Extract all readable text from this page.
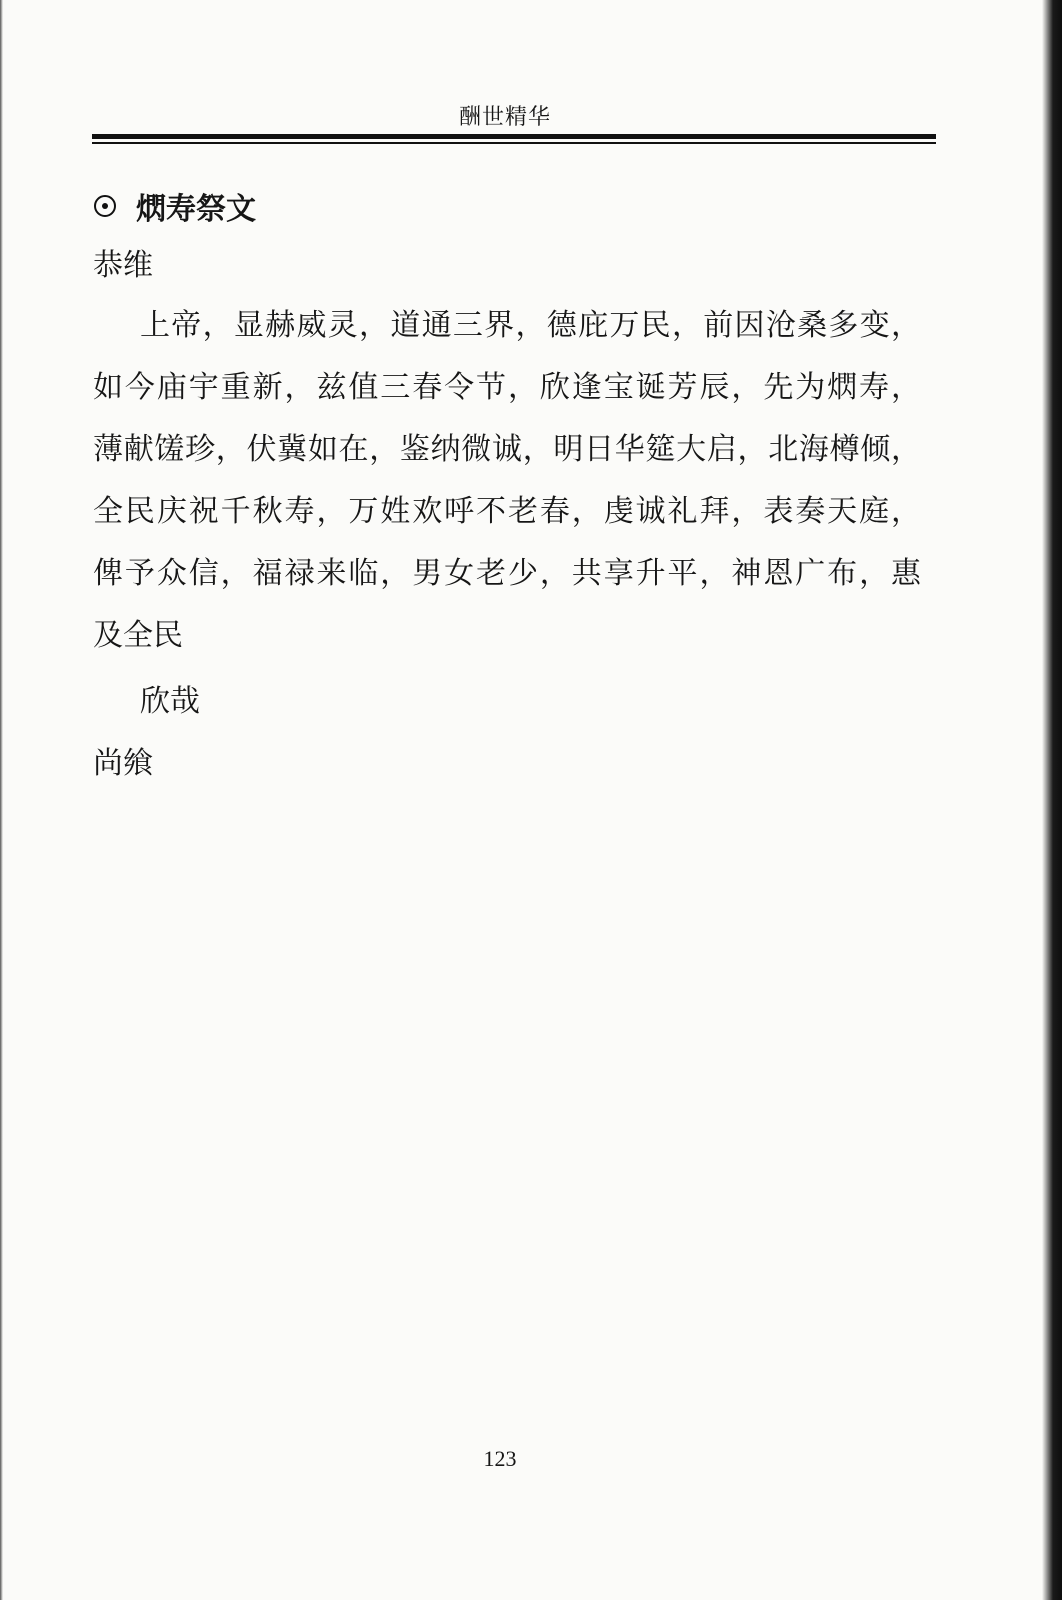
酬世精华
熌寿祭文
恭维
上帝，显赫威灵，道通三界，德庇万民，前因沧桑多变，
如今庙宇重新，兹值三春令节，欣逢宝诞芳辰，先为熌寿，
薄献馐珍，伏冀如在，鉴纳微诚，明日华筵大启，北海樽倾，
全民庆祝千秋寿，万姓欢呼不老春，虔诚礼拜，表奏天庭，
俾予众信，福禄来临，男女老少，共享升平，神恩广布，惠
及全民
欣哉
尚飨
123
